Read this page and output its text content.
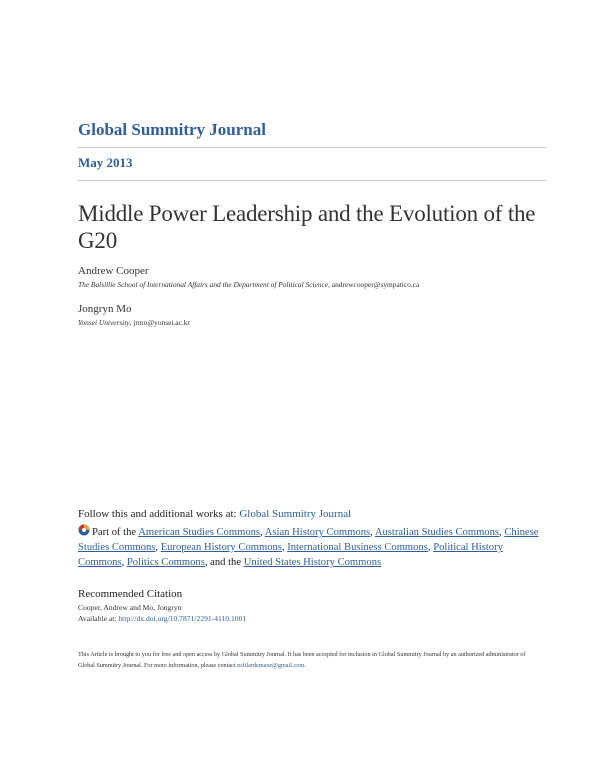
Global Summitry Journal
May 2013
Middle Power Leadership and the Evolution of the G20
Andrew Cooper
The Balsillie School of International Affairs and the Department of Political Science, andrewcooper@sympatico.ca
Jongryn Mo
Yonsei University, jrmo@yonsei.ac.kr
Follow this and additional works at: Global Summitry Journal
Part of the American Studies Commons, Asian History Commons, Australian Studies Commons, Chinese Studies Commons, European History Commons, International Business Commons, Political History Commons, Politics Commons, and the United States History Commons
Recommended Citation
Cooper, Andrew and Mo, Jongryn
Available at: http://dx.doi.org/10.7871/2291-4110.1001
This Article is brought to you for free and open access by Global Summitry Journal. It has been accepted for inclusion in Global Summitry Journal by an authorized administrator of Global Summitry Journal. For more information, please contact nsfilardemaxe@gmail.com.
